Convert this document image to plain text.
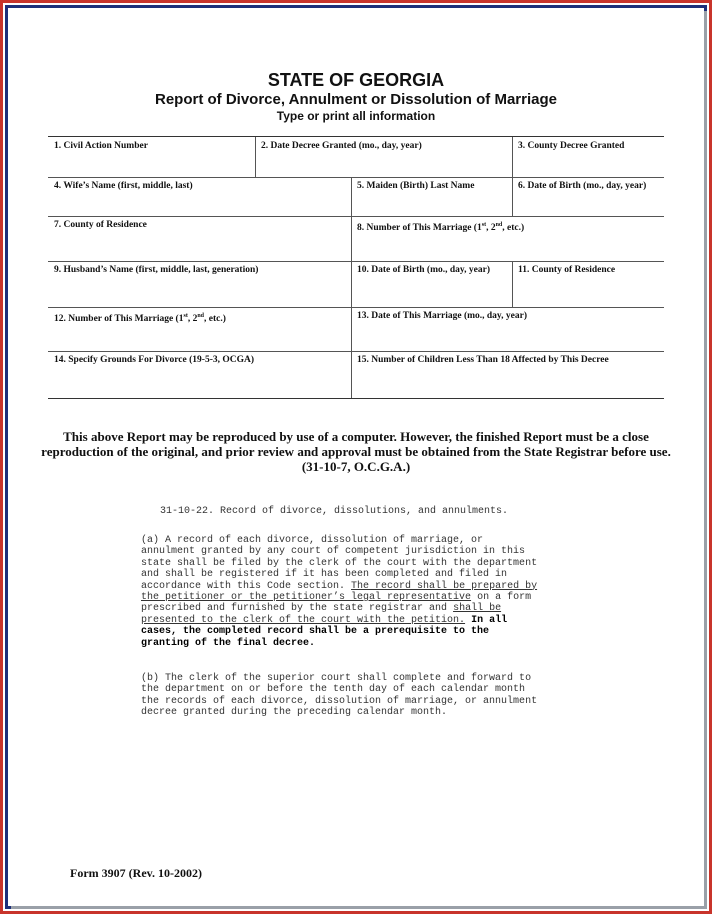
STATE OF GEORGIA
Report of Divorce, Annulment or Dissolution of Marriage
Type or print all information
1. Civil Action Number	2. Date Decree Granted (mo., day, year)	3. County Decree Granted
4. Wife’s Name (first, middle, last)	5. Maiden (Birth) Last Name	6. Date of Birth (mo., day, year)
7. County of Residence	8. Number of This Marriage (1st, 2nd, etc.)
9. Husband’s Name (first, middle, last, generation)	10. Date of Birth (mo., day, year)	11. County of Residence
12. Number of This Marriage (1st, 2nd, etc.)	13. Date of This Marriage (mo., day, year)
14. Specify Grounds For Divorce (19-5-3, OCGA)	15. Number of Children Less Than 18 Affected by This Decree
This above Report may be reproduced by use of a computer. However, the finished Report must be a close
reproduction of the original, and prior review and approval must be obtained from the State Registrar before use.
(31-10-7, O.C.G.A.)
31-10-22. Record of divorce, dissolutions, and annulments.
(a) A record of each divorce, dissolution of marriage, or
annulment granted by any court of competent jurisdiction in this
state shall be filed by the clerk of the court with the department
and shall be registered if it has been completed and filed in
accordance with this Code section. The record shall be prepared by
the petitioner or the petitioner’s legal representative on a form
prescribed and furnished by the state registrar and shall be
presented to the clerk of the court with the petition. In all
cases, the completed record shall be a prerequisite to the
granting of the final decree.
(b) The clerk of the superior court shall complete and forward to
the department on or before the tenth day of each calendar month
the records of each divorce, dissolution of marriage, or annulment
decree granted during the preceding calendar month.
Form 3907 (Rev. 10-2002)
